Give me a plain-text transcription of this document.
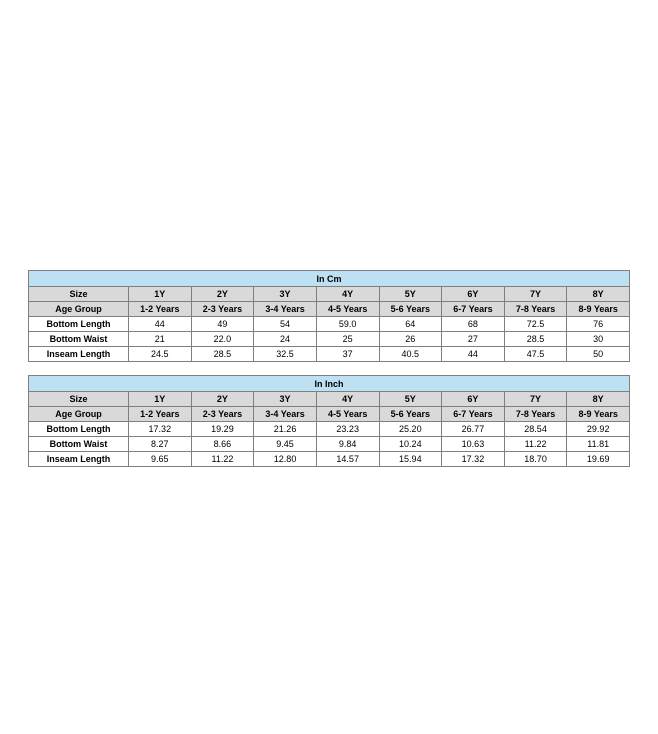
In Cm								
Size	1Y	2Y	3Y	4Y	5Y	6Y	7Y	8Y
Age Group	1-2 Years	2-3 Years	3-4 Years	4-5 Years	5-6 Years	6-7 Years	7-8 Years	8-9 Years
Bottom Length	44	49	54	59.0	64	68	72.5	76
Bottom Waist	21	22.0	24	25	26	27	28.5	30
Inseam Length	24.5	28.5	32.5	37	40.5	44	47.5	50
In Inch								
Size	1Y	2Y	3Y	4Y	5Y	6Y	7Y	8Y
Age Group	1-2 Years	2-3 Years	3-4 Years	4-5 Years	5-6 Years	6-7 Years	7-8 Years	8-9 Years
Bottom Length	17.32	19.29	21.26	23.23	25.20	26.77	28.54	29.92
Bottom Waist	8.27	8.66	9.45	9.84	10.24	10.63	11.22	11.81
Inseam Length	9.65	11.22	12.80	14.57	15.94	17.32	18.70	19.69
